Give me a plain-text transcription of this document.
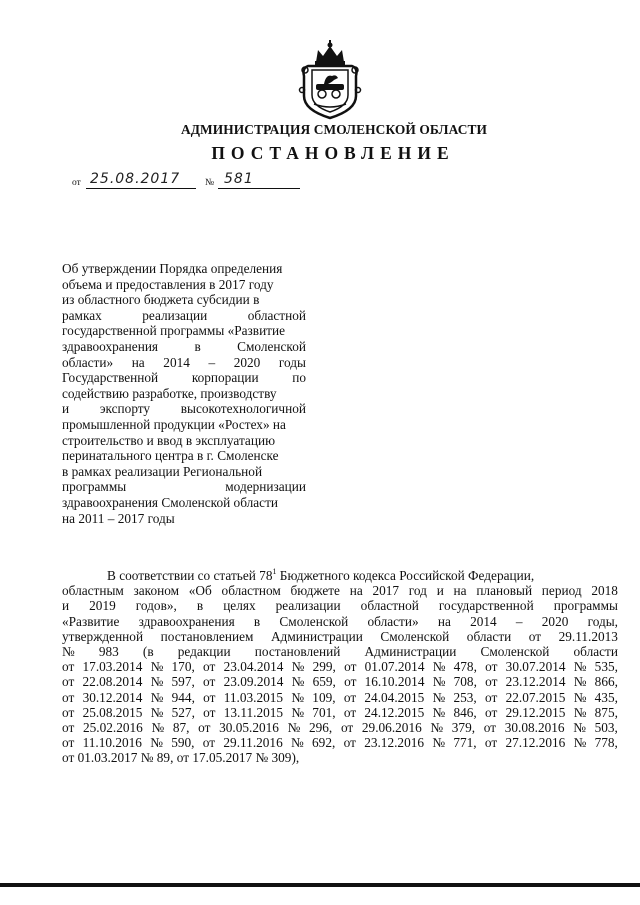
АДМИНИСТРАЦИЯ СМОЛЕНСКОЙ ОБЛАСТИ
ПОСТАНОВЛЕНИЕ
от 25.08.2017	№ 581
Об утверждении Порядка определения
объема и предоставления в 2017 году
из областного бюджета субсидии в
рамках	реализации	областной
государственной программы «Развитие
здравоохранения	в	Смоленской
области» на 2014 – 2020 годы
Государственной	корпорации	по
содействию разработке, производству
и экспорту высокотехнологичной
промышленной продукции «Ростех» на
строительство и ввод в эксплуатацию
перинатального центра в г. Смоленске
в рамках реализации Региональной
программы	модернизации
здравоохранения Смоленской области
на 2011 – 2017 годы
В соответствии со статьей $78^1$ Бюджетного кодекса Российской Федерации,
областным законом «Об областном бюджете на 2017 год и на плановый период 2018
и 2019 годов», в целях реализации областной государственной программы
«Развитие здравоохранения в Смоленской области» на 2014 – 2020 годы,
утвержденной постановлением Администрации Смоленской области от 29.11.2013
№ 983 (в редакции постановлений Администрации Смоленской области
от 17.03.2014 № 170, от 23.04.2014 № 299, от 01.07.2014 № 478, от 30.07.2014 № 535,
от 22.08.2014 № 597, от 23.09.2014 № 659, от 16.10.2014 № 708, от 23.12.2014 № 866,
от 30.12.2014 № 944, от 11.03.2015 № 109, от 24.04.2015 № 253, от 22.07.2015 № 435,
от 25.08.2015 № 527, от 13.11.2015 № 701, от 24.12.2015 № 846, от 29.12.2015 № 875,
от 25.02.2016 № 87, от 30.05.2016 № 296, от 29.06.2016 № 379, от 30.08.2016 № 503,
от 11.10.2016 № 590, от 29.11.2016 № 692, от 23.12.2016 № 771, от 27.12.2016 № 778,
от 01.03.2017 № 89, от 17.05.2017 № 309),
